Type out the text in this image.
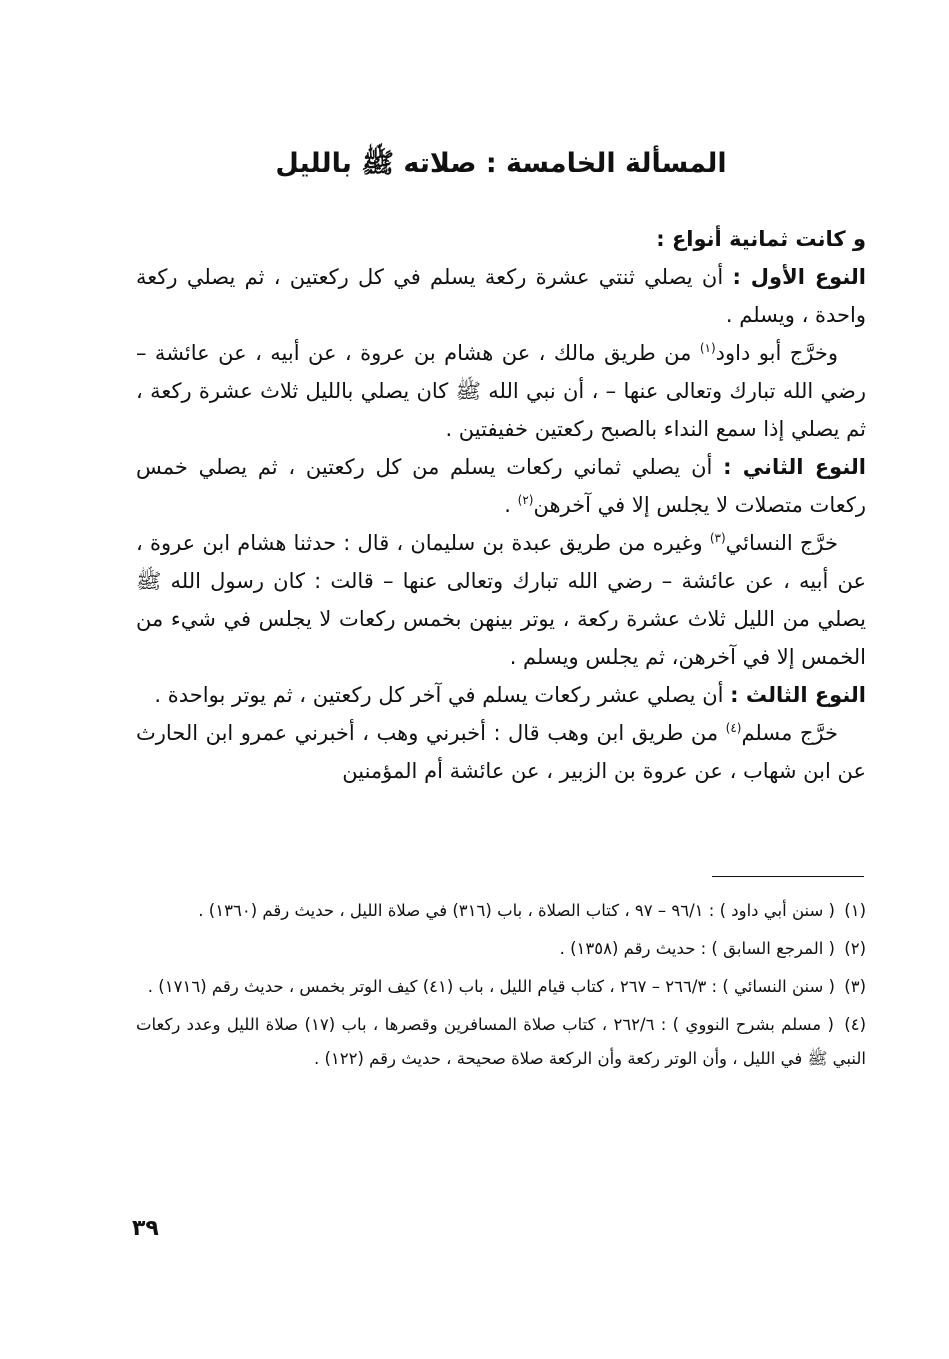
المسألة الخامسة : صلاته ﷺ بالليل

و كانت ثمانية أنواع :

النوع الأول : أن يصلي ثنتي عشرة ركعة يسلم في كل ركعتين ، ثم يصلي ركعة واحدة ، ويسلم .

وخرَّج أبو داود$^{(١)}$ من طريق مالك ، عن هشام بن عروة ، عن أبيه ، عن عائشة – رضي الله تبارك وتعالى عنها – ، أن نبي الله ﷺ كان يصلي بالليل ثلاث عشرة ركعة ، ثم يصلي إذا سمع النداء بالصبح ركعتين خفيفتين .

النوع الثاني : أن يصلي ثماني ركعات يسلم من كل ركعتين ، ثم يصلي خمس ركعات متصلات لا يجلس إلا في آخرهن$^{(٢)}$ .

خرَّج النسائي$^{(٣)}$ وغيره من طريق عبدة بن سليمان ، قال : حدثنا هشام ابن عروة ، عن أبيه ، عن عائشة – رضي الله تبارك وتعالى عنها – قالت : كان رسول الله ﷺ يصلي من الليل ثلاث عشرة ركعة ، يوتر بينهن بخمس ركعات لا يجلس في شيء من الخمس إلا في آخرهن، ثم يجلس ويسلم .

النوع الثالث : أن يصلي عشر ركعات يسلم في آخر كل ركعتين ، ثم يوتر بواحدة .

خرَّج مسلم$^{(٤)}$ من طريق ابن وهب قال : أخبرني وهب ، أخبرني عمرو ابن الحارث عن ابن شهاب ، عن عروة بن الزبير ، عن عائشة أم المؤمنين

(١) ( سنن أبي داود ) : ٩٦/١ – ٩٧ ، كتاب الصلاة ، باب (٣١٦) في صلاة الليل ، حديث رقم (١٣٦٠) .

(٢) ( المرجع السابق ) : حديث رقم (١٣٥٨) .

(٣) ( سنن النسائي ) : ٢٦٦/٣ – ٢٦٧ ، كتاب قيام الليل ، باب (٤١) كيف الوتر بخمس ، حديث رقم (١٧١٦) .

(٤) ( مسلم بشرح النووي ) : ٢٦٢/٦ ، كتاب صلاة المسافرين وقصرها ، باب (١٧) صلاة الليل وعدد ركعات النبي ﷺ في الليل ، وأن الوتر ركعة وأن الركعة صلاة صحيحة ، حديث رقم (١٢٢) .

٣٩
